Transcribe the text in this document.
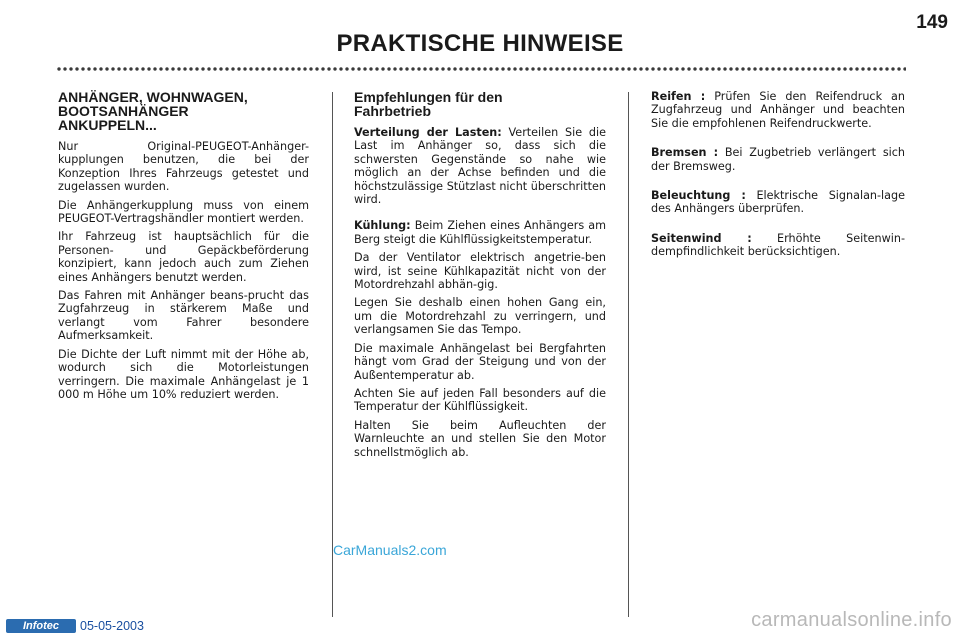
149
PRAKTISCHE HINWEISE
ANHÄNGER, WOHNWAGEN,
BOOTSANHÄNGER
ANKUPPELN...

Nur Original-PEUGEOT-Anhänger-kupplungen benutzen, die bei der Konzeption Ihres Fahrzeugs getestet und zugelassen wurden.

Die Anhängerkupplung muss von einem PEUGEOT-Vertragshändler montiert werden.

Ihr Fahrzeug ist hauptsächlich für die Personen- und Gepäckbeförderung konzipiert, kann jedoch auch zum Ziehen eines Anhängers benutzt werden.

Das Fahren mit Anhänger beans-prucht das Zugfahrzeug in stärkerem Maße und verlangt vom Fahrer besondere Aufmerksamkeit.

Die Dichte der Luft nimmt mit der Höhe ab, wodurch sich die Motorleistungen verringern. Die maximale Anhängelast je 1 000 m Höhe um 10% reduziert werden.

Empfehlungen für den
Fahrbetrieb

Verteilung der Lasten: Verteilen Sie die Last im Anhänger so, dass sich die schwersten Gegenstände so nahe wie möglich an der Achse befinden und die höchstzulässige Stützlast nicht überschritten wird.

Kühlung: Beim Ziehen eines Anhängers am Berg steigt die Kühlflüssigkeitstemperatur.

Da der Ventilator elektrisch angetrie-ben wird, ist seine Kühlkapazität nicht von der Motordrehzahl abhän-gig.

Legen Sie deshalb einen hohen Gang ein, um die Motordrehzahl zu verringern, und verlangsamen Sie das Tempo.

Die maximale Anhängelast bei Bergfahrten hängt vom Grad der Steigung und von der Außentemperatur ab.

Achten Sie auf jeden Fall besonders auf die Temperatur der Kühlflüssigkeit.

Halten Sie beim Aufleuchten der Warnleuchte an und stellen Sie den Motor schnellstmöglich ab.

Reifen : Prüfen Sie den Reifendruck an Zugfahrzeug und Anhänger und beachten Sie die empfohlenen Reifendruckwerte.

Bremsen : Bei Zugbetrieb verlängert sich der Bremsweg.

Beleuchtung : Elektrische Signalan-lage des Anhängers überprüfen.

Seitenwind : Erhöhte Seitenwin-dempfindlichkeit berücksichtigen.

CarManuals2.com
Infotec	05-05-2003	carmanualsonline.info
